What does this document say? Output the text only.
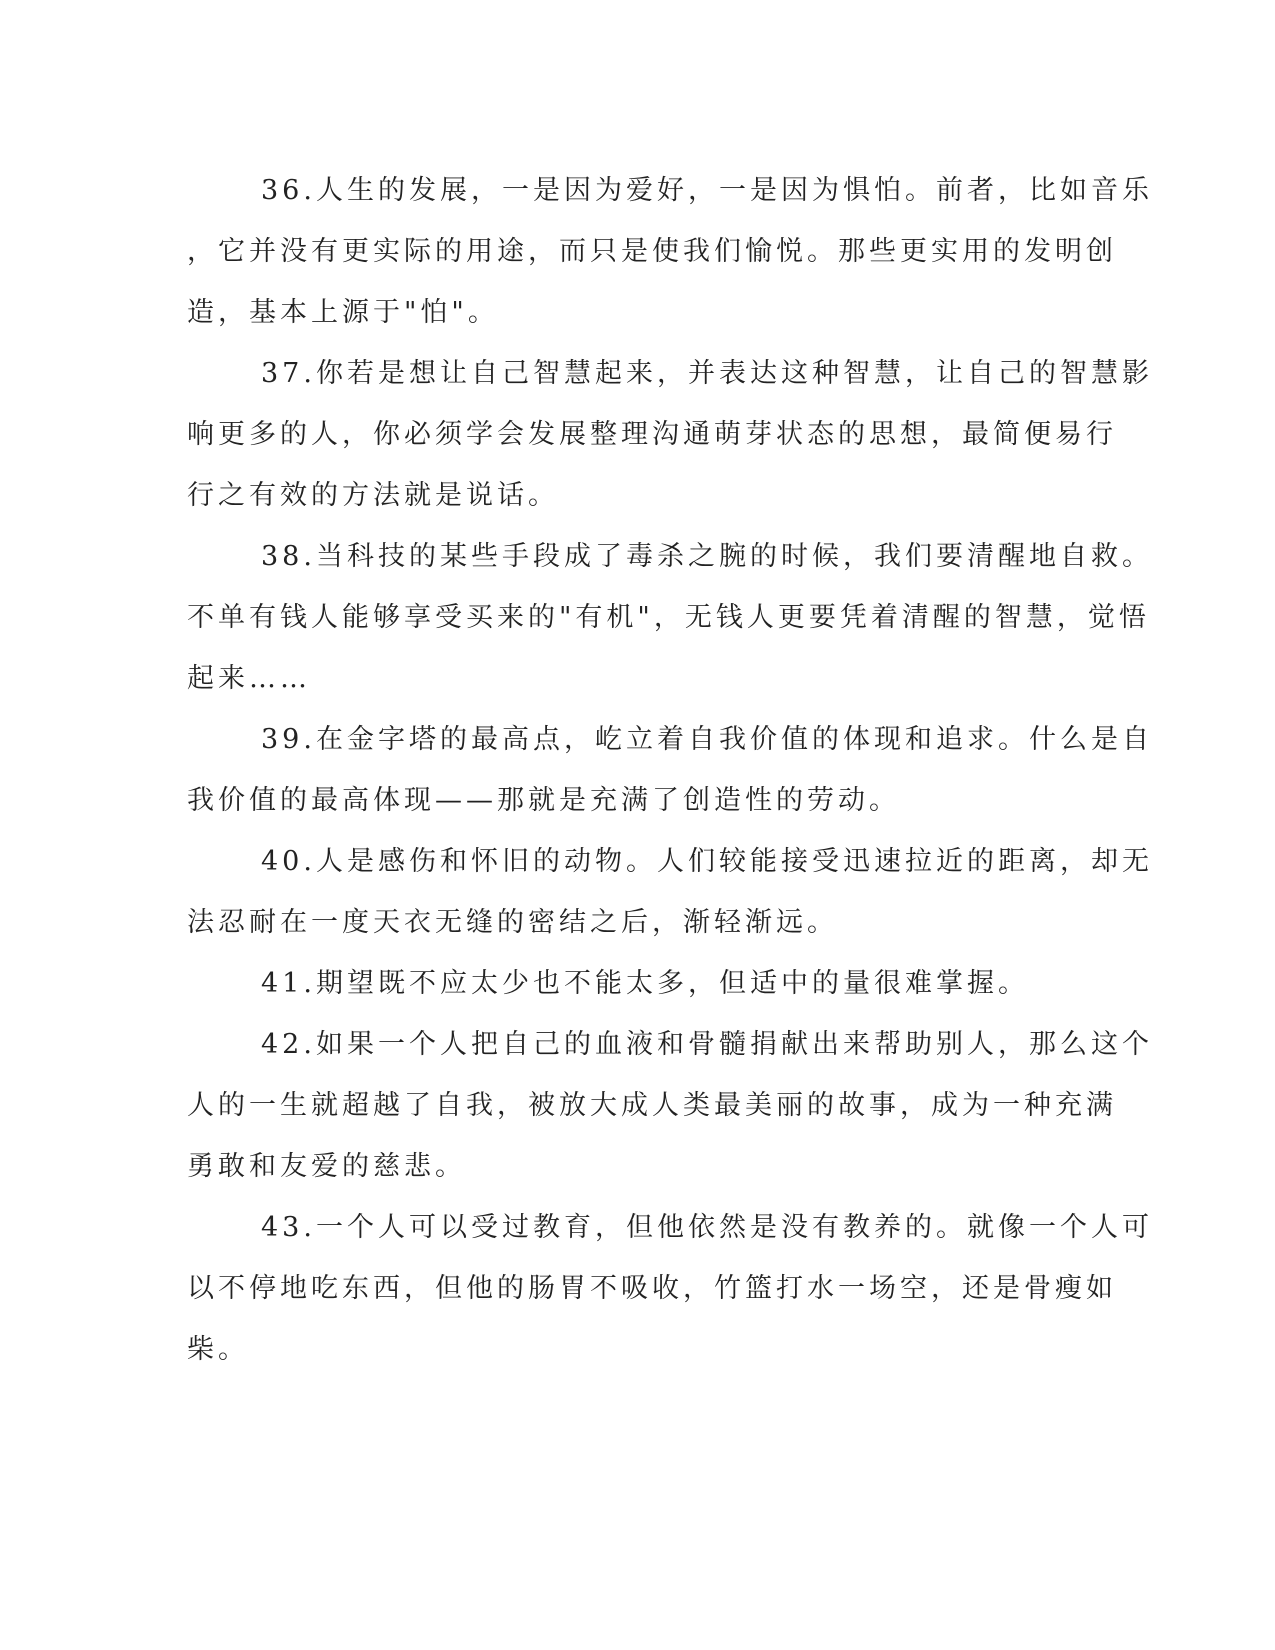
36.人生的发展，一是因为爱好，一是因为惧怕。前者，比如音乐
，它并没有更实际的用途，而只是使我们愉悦。那些更实用的发明创
造，基本上源于"怕"。
37.你若是想让自己智慧起来，并表达这种智慧，让自己的智慧影
响更多的人，你必须学会发展整理沟通萌芽状态的思想，最简便易行
行之有效的方法就是说话。
38.当科技的某些手段成了毒杀之腕的时候，我们要清醒地自救。
不单有钱人能够享受买来的"有机"，无钱人更要凭着清醒的智慧，觉悟
起来……
39.在金字塔的最高点，屹立着自我价值的体现和追求。什么是自
我价值的最高体现——那就是充满了创造性的劳动。
40.人是感伤和怀旧的动物。人们较能接受迅速拉近的距离，却无
法忍耐在一度天衣无缝的密结之后，渐轻渐远。
41.期望既不应太少也不能太多，但适中的量很难掌握。
42.如果一个人把自己的血液和骨髓捐献出来帮助别人，那么这个
人的一生就超越了自我，被放大成人类最美丽的故事，成为一种充满
勇敢和友爱的慈悲。
43.一个人可以受过教育，但他依然是没有教养的。就像一个人可
以不停地吃东西，但他的肠胃不吸收，竹篮打水一场空，还是骨瘦如
柴。
